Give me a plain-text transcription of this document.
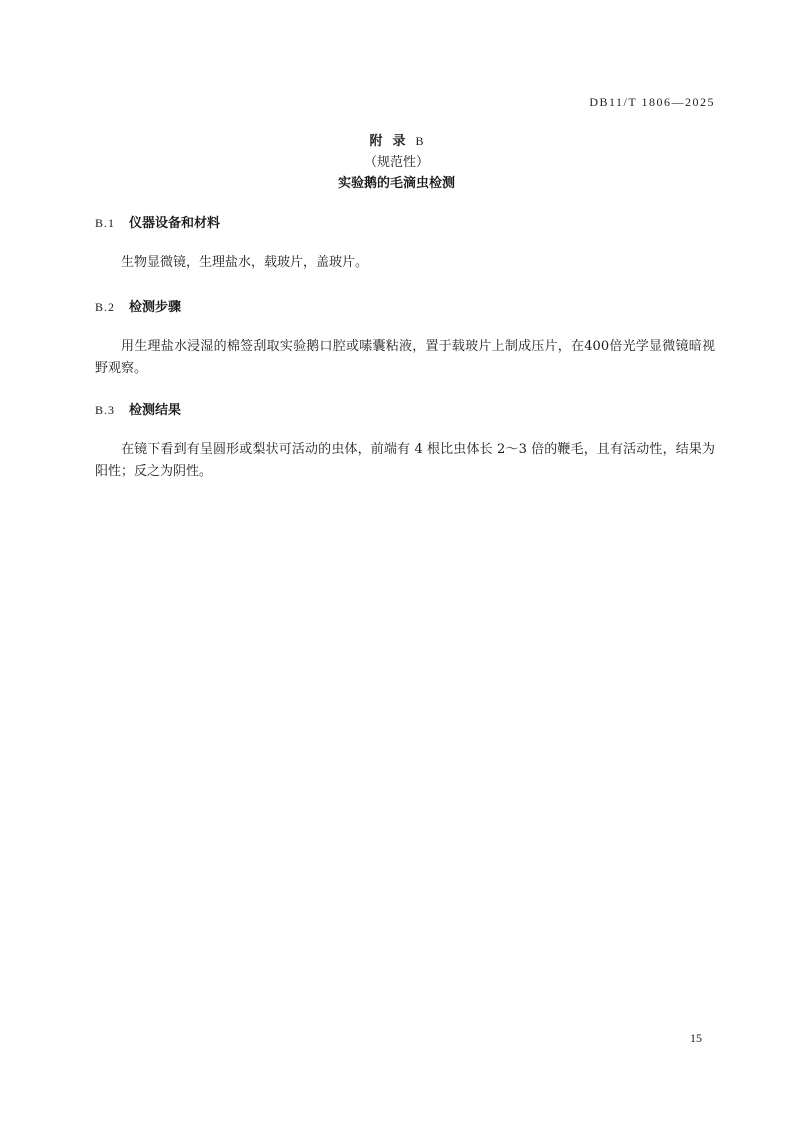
DB11/T 1806—2025
附录B
（规范性）
实验鹅的毛滴虫检测
B.1 仪器设备和材料
生物显微镜，生理盐水，载玻片，盖玻片。
B.2 检测步骤
用生理盐水浸湿的棉签刮取实验鹅口腔或嗉囊粘液，置于载玻片上制成压片，在400倍光学显微镜暗视野观察。
B.3 检测结果
在镜下看到有呈圆形或梨状可活动的虫体，前端有 4 根比虫体长 2～3 倍的鞭毛，且有活动性，结果为阳性；反之为阴性。
15
